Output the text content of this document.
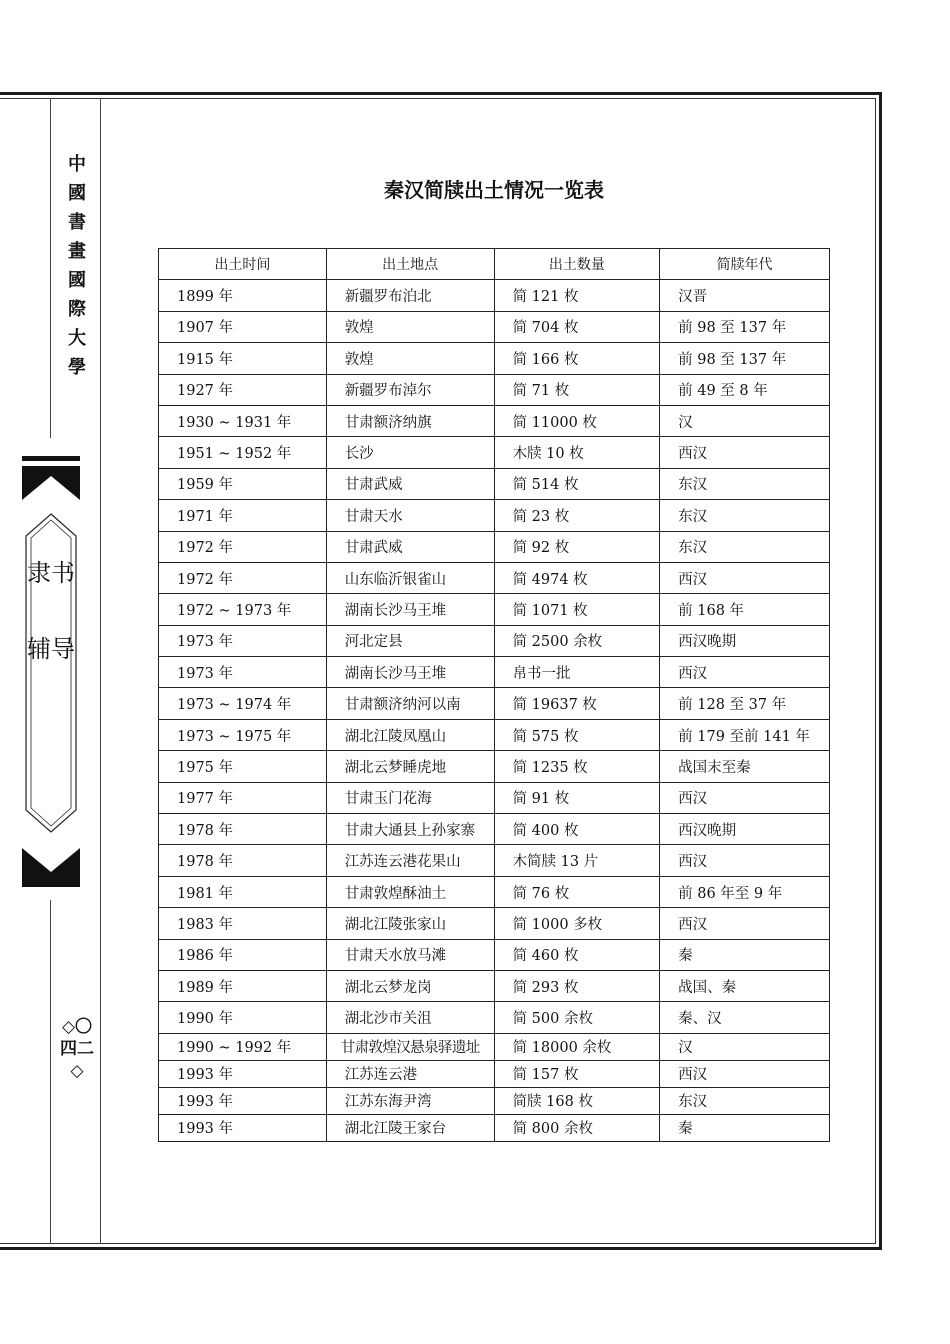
中國書畫國際大學
隶书辅导
◇〇四二◇
秦汉简牍出土情况一览表
出土时间	出土地点	出土数量	简牍年代
1899 年	新疆罗布泊北	简 121 枚	汉晋
1907 年	敦煌	简 704 枚	前 98 至 137 年
1915 年	敦煌	简 166 枚	前 98 至 137 年
1927 年	新疆罗布淖尔	简 71 枚	前 49 至 8 年
1930 ~ 1931 年	甘肃额济纳旗	简 11000 枚	汉
1951 ~ 1952 年	长沙	木牍 10 枚	西汉
1959 年	甘肃武威	简 514 枚	东汉
1971 年	甘肃天水	简 23 枚	东汉
1972 年	甘肃武威	简 92 枚	东汉
1972 年	山东临沂银雀山	简 4974 枚	西汉
1972 ~ 1973 年	湖南长沙马王堆	简 1071 枚	前 168 年
1973 年	河北定县	简 2500 余枚	西汉晚期
1973 年	湖南长沙马王堆	帛书一批	西汉
1973 ~ 1974 年	甘肃额济纳河以南	简 19637 枚	前 128 至 37 年
1973 ~ 1975 年	湖北江陵凤凰山	简 575 枚	前 179 至前 141 年
1975 年	湖北云梦睡虎地	简 1235 枚	战国末至秦
1977 年	甘肃玉门花海	简 91 枚	西汉
1978 年	甘肃大通县上孙家寨	简 400 枚	西汉晚期
1978 年	江苏连云港花果山	木简牍 13 片	西汉
1981 年	甘肃敦煌酥油土	简 76 枚	前 86 年至 9 年
1983 年	湖北江陵张家山	简 1000 多枚	西汉
1986 年	甘肃天水放马滩	简 460 枚	秦
1989 年	湖北云梦龙岗	简 293 枚	战国、秦
1990 年	湖北沙市关沮	简 500 余枚	秦、汉
1990 ~ 1992 年	甘肃敦煌汉悬泉驿遗址	简 18000 余枚	汉
1993 年	江苏连云港	简 157 枚	西汉
1993 年	江苏东海尹湾	简牍 168 枚	东汉
1993 年	湖北江陵王家台	简 800 余枚	秦
